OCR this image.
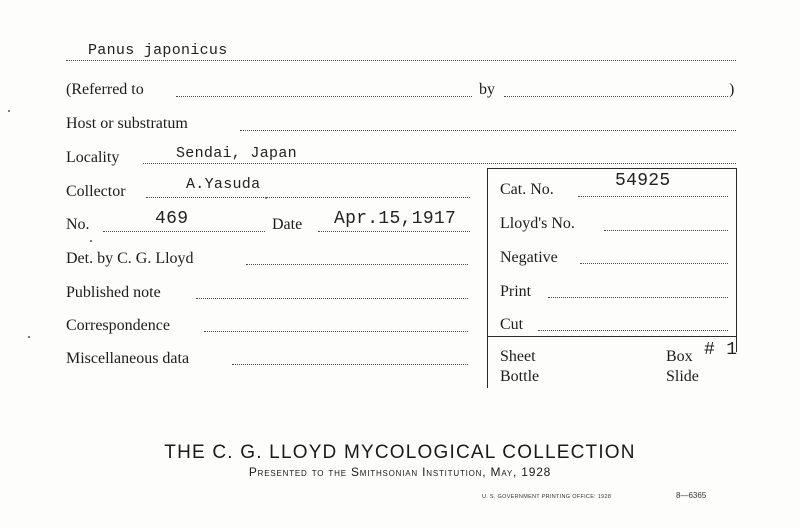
Panus japonicus
(Referred to	by	)
Host or substratum
Locality	Sendai, Japan
Collector	A.Yasuda
No.	469	Date Apr.15,1917
Det. by C. G. Lloyd
Published note
Correspondence
Miscellaneous data
Cat. No.	54925
Lloyd's No.
Negative
Print
Cut
Sheet	Box # 1
Bottle	Slide
THE C. G. LLOYD MYCOLOGICAL COLLECTION
Presented to the Smithsonian Institution, May, 1928
U. S. GOVERNMENT PRINTING OFFICE: 1928	8—6365
